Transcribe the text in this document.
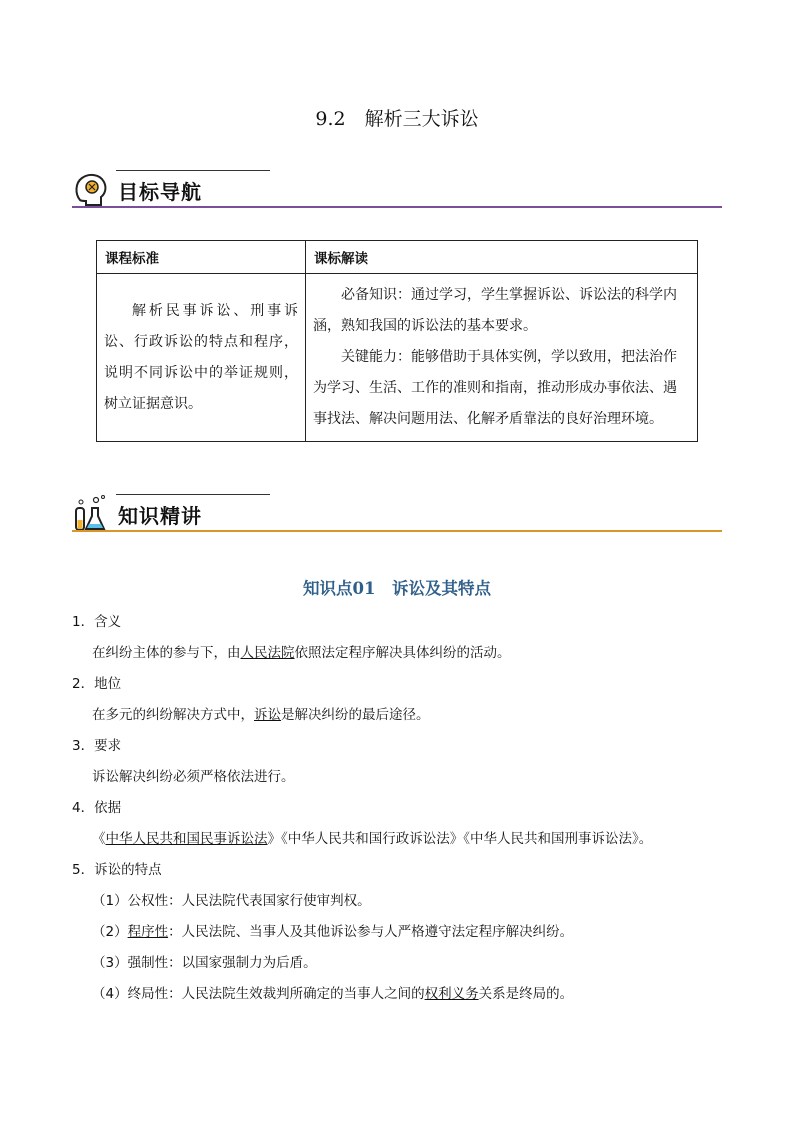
9.2　解析三大诉讼
目标导航
课程标准	课标解读

解析民事诉讼、刑事诉讼、行政诉讼的特点和程序，说明不同诉讼中的举证规则，树立证据意识。	必备知识：通过学习，学生掌握诉讼、诉讼法的科学内涵，熟知我国的诉讼法的基本要求。
关键能力：能够借助于具体实例，学以致用，把法治作为学习、生活、工作的准则和指南，推动形成办事依法、遇事找法、解决问题用法、化解矛盾靠法的良好治理环境。
知识精讲
知识点01　诉讼及其特点
1．含义
在纠纷主体的参与下，由人民法院依照法定程序解决具体纠纷的活动。
2．地位
在多元的纠纷解决方式中，诉讼是解决纠纷的最后途径。
3．要求
诉讼解决纠纷必须严格依法进行。
4．依据
《中华人民共和国民事诉讼法》《中华人民共和国行政诉讼法》《中华人民共和国刑事诉讼法》。
5．诉讼的特点
（1）公权性：人民法院代表国家行使审判权。
（2）程序性：人民法院、当事人及其他诉讼参与人严格遵守法定程序解决纠纷。
（3）强制性：以国家强制力为后盾。
（4）终局性：人民法院生效裁判所确定的当事人之间的权利义务关系是终局的。
